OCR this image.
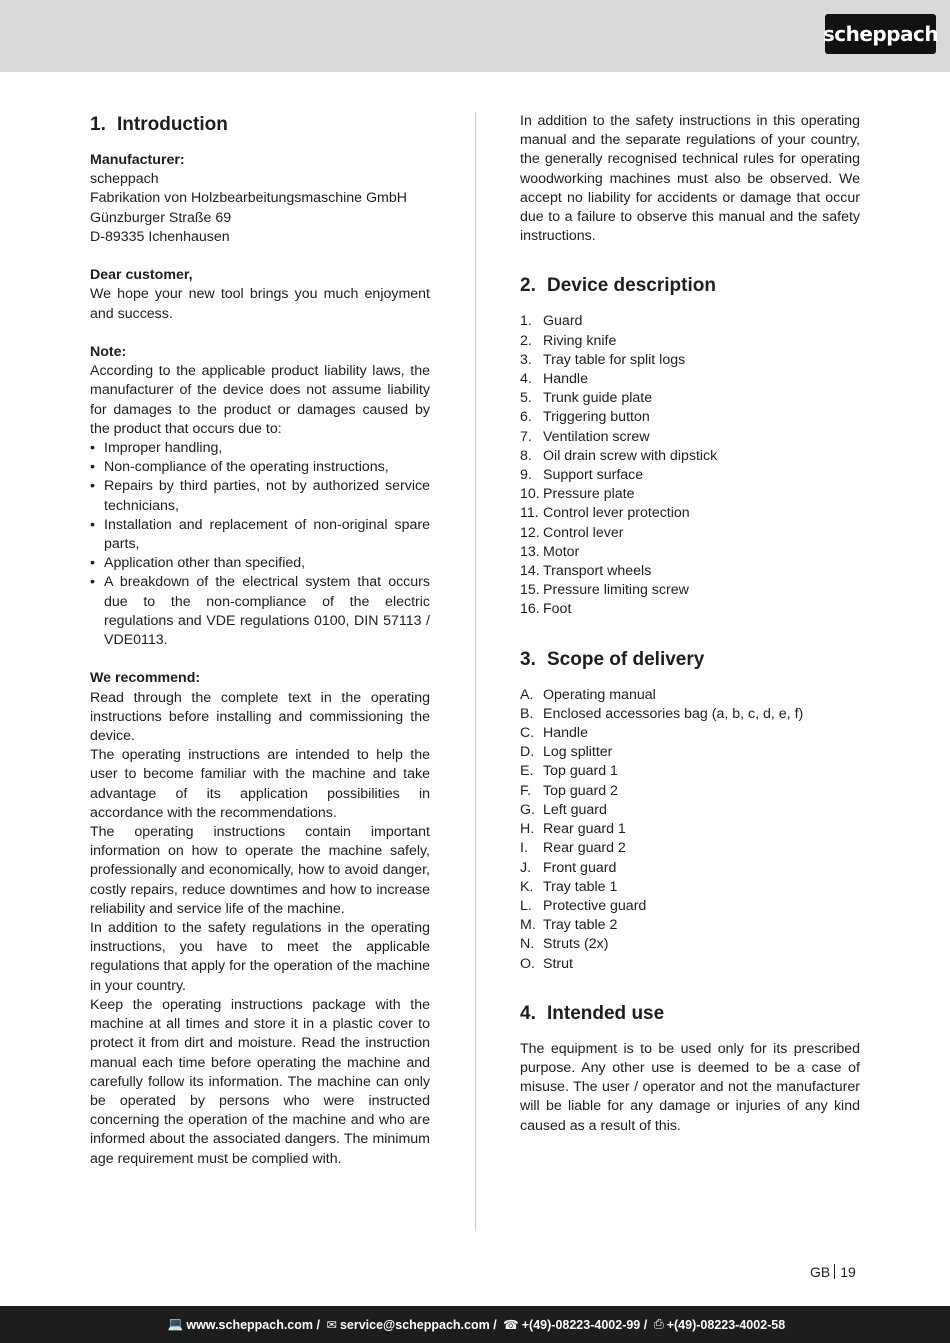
scheppach
1. Introduction
Manufacturer:
scheppach
Fabrikation von Holzbearbeitungsmaschine GmbH
Günzburger Straße 69
D-89335 Ichenhausen
Dear customer,

We hope your new tool brings you much enjoyment and success.

Note:

According to the applicable product liability laws, the manufacturer of the device does not assume liability for damages to the product or damages caused by the product that occurs due to:

• Improper handling,
• Non-compliance of the operating instructions,
• Repairs by third parties, not by authorized service technicians,
• Installation and replacement of non-original spare parts,
• Application other than specified,
• A breakdown of the electrical system that occurs due to the non-compliance of the electric regulations and VDE regulations 0100, DIN 57113 / VDE0113.
We recommend:

Read through the complete text in the operating instructions before installing and commissioning the device.

The operating instructions are intended to help the user to become familiar with the machine and take advantage of its application possibilities in accordance with the recommendations.

The operating instructions contain important information on how to operate the machine safely, professionally and economically, how to avoid danger, costly repairs, reduce downtimes and how to increase reliability and service life of the machine.

In addition to the safety regulations in the operating instructions, you have to meet the applicable regulations that apply for the operation of the machine in your country.

Keep the operating instructions package with the machine at all times and store it in a plastic cover to protect it from dirt and moisture. Read the instruction manual each time before operating the machine and carefully follow its information. The machine can only be operated by persons who were instructed concerning the operation of the machine and who are informed about the associated dangers. The minimum age requirement must be complied with.

In addition to the safety instructions in this operating manual and the separate regulations of your country, the generally recognised technical rules for operating woodworking machines must also be observed. We accept no liability for accidents or damage that occur due to a failure to observe this manual and the safety instructions.

2. Device description
1. Guard
2. Riving knife
3. Tray table for split logs
4. Handle
5. Trunk guide plate
6. Triggering button
7. Ventilation screw
8. Oil drain screw with dipstick
9. Support surface
10. Pressure plate
11. Control lever protection
12. Control lever
13. Motor
14. Transport wheels
15. Pressure limiting screw
16. Foot
3. Scope of delivery
A. Operating manual
B. Enclosed accessories bag (a, b, c, d, e, f)
C. Handle
D. Log splitter
E. Top guard 1
F. Top guard 2
G. Left guard
H. Rear guard 1
I.	Rear guard 2
J. Front guard
K. Tray table 1
L. Protective guard
M. Tray table 2
N. Struts (2x)
O. Strut
4. Intended use

The equipment is to be used only for its prescribed purpose. Any other use is deemed to be a case of misuse. The user / operator and not the manufacturer will be liable for any damage or injuries of any kind caused as a result of this.

GB 19
💻 www.scheppach.com
/
✉ service@scheppach.com
/
☎ +(49)-08223-4002-99
/
⎙ +(49)-08223-4002-58
